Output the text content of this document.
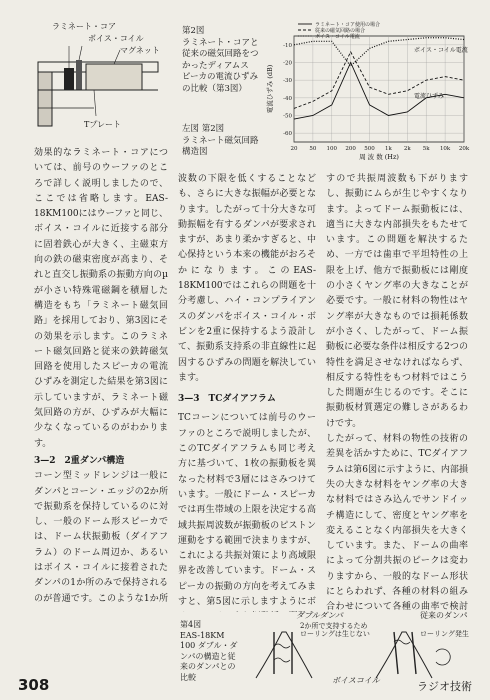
ラミネート・コア
ボイス・コイル
マグネット
Tプレート
第2図
ラミネート・コアと
従来の磁気回路をつ
かったディアムス
ピーカの電流ひずみ
の比較（第3図）
左図 第2図
ラミネート磁気回路
構造図	20 50 100 200 500 1k 2k 5k 10k 20k
-10
-20
-30
-40
-50
-60
ラミネート・コア使用の場合
従来の磁気回路の場合
ボイス・コイル電流
ボイス・コイル電流
電流ひずみ
周 波 数 (Hz)
電流ひずみ (dB)

効果的なラミネート・コアについては、前号のウーファのところで詳しく説明しましたので、ここでは省略します。EAS-18KM100にはウーファと同じ、ボイス・コイルに近接する部分に固着鉄心が大きく、主磁束方向の鉄の磁束密度が高まり、それと直交し振動系の振動方向のµが小さい特殊電磁鋼を積層した構造をもち「ラミネート磁気回路」を採用しており、第3図にその効果を示します。このラミネート磁気回路と従来の鉄鋳磁気回路を使用したスピーカの電流ひずみを測定した結果を第3図に示していますが、ラミネート磁気回路の方が、ひずみが大幅に少なくなっているのがわかります。

3—2　2重ダンパ構造

コーン型ミッドレンジは一般にダンパとコーン・エッジの2か所で振動系を保持しているのに対し、一般のドーム形スピーカでは、ドーム状振動板（ダイアフラム）のドーム周辺か、あるいはボイス・コイルに接着されたダンパの1か所のみで保持されるのが普通です。このような1か所

波数の下限を低くすることなども、さらに大きな振幅が必要となります。したがって十分大きな可動振幅を有するダンパが要求されますが、あまり柔かすぎると、中心保持という本来の機能がおろそかになります。このEAS-18KM100ではこれらの問題を十分考慮し、ハイ・コンプライアンスのダンパをボイス・コイル・ボビンを2重に保持するよう設計して、振動系支持系の非直線性に起因するひずみの問題を解決しています。

3—3　TCダイアフラム

TCコーンについては前号のウーファのところで説明しましたが、このTCダイアフラムも同じ考え方に基づいて、1枚の振動板を異なった材料で3層にはさみつけています。一般にドーム・スピーカでは再生帯域の上限を決定する高域共振周波数が振動板のピストン運動をする範囲で決まりますが、これによる共振対策により高域限界を改善しています。ドーム・スピーカの振動の方向を考えてみますと、第5図に示しますようにボ

すので共振周波数も下がりますし、振動にムらが生じやすくなります。よってドーム振動板には、適当に大きな内部損失をもたせています。この問題を解決するため、一方では歯車で平坦特性の上限を上げ、他方で振動板には剛度の小さくヤング率の大きなことが必要です。一般に材料の物性はヤング率が大きなものでは損耗係数が小さく、したがって、ドーム振動板に必要な条件は相反する2つの特性を満足させなければならず、相反する特性をもつ材料ではこうした問題が生じるのです。そこに振動板材質選定の難しさがあるわけです。

したがって、材料の物性の技術の差異を活かすために、TCダイアフラムは第6図に示すように、内部損失の大きな材料をヤング率の大きな材料ではさみ込んでサンドイッチ構造にして、密度とヤング率を変えることなく内部損失を大きくしています。また、ドームの曲率によって分割共振のピークは変わりますから、一般的なドーム形状にとらわれず、各種の材料の組み合わせについて各種の曲率で検討

第4図
EAS-18KM
100 ダブル・ダ
ンパの構造と従
来のダンパとの
比較
ダブルダンパ
2か所で支持するため
ローリングは生じない
ボイスコイル
従来のダンパ
ローリング発生
308	ラジオ技術
